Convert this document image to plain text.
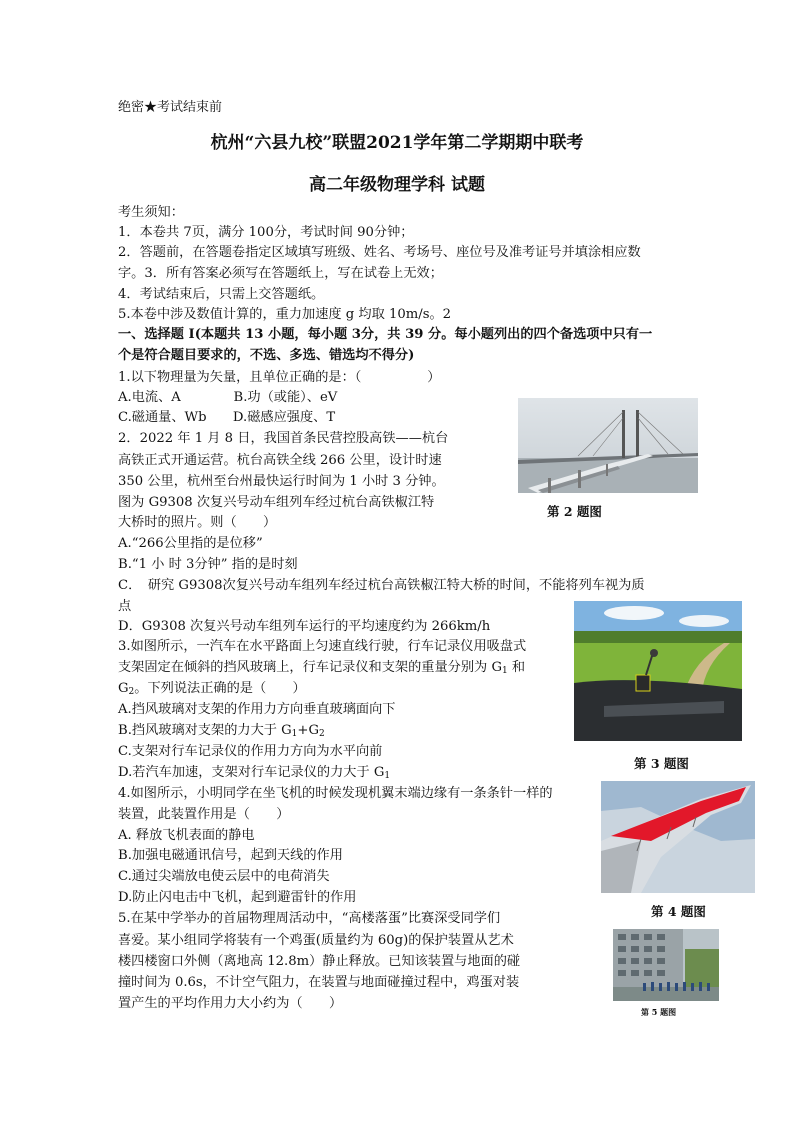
绝密★考试结束前
杭州“六县九校”联盟2021学年第二学期期中联考
高二年级物理学科 试题
考生须知：
1．本卷共 7页，满分 100分，考试时间 90分钟；
2．答题前，在答题卷指定区域填写班级、姓名、考场号、座位号及准考证号并填涂相应数
字。3．所有答案必须写在答题纸上，写在试卷上无效；
4．考试结束后，只需上交答题纸。
5.本卷中涉及数值计算的，重力加速度 g 均取 10m/s。2
一、选择题 I(本题共 13 小题，每小题 3分，共 39 分。每小题列出的四个备选项中只有一
个是符合题目要求的，不选、多选、错选均不得分)
1.以下物理量为矢量，且单位正确的是：（　　　　　）
A.电流、A　　　　B.功（或能）、eV
C.磁通量、Wb　　D.磁感应强度、T
2．2022 年 1 月 8 日，我国首条民营控股高铁——杭台
高铁正式开通运营。杭台高铁全线 266 公里，设计时速
350 公里，杭州至台州最快运行时间为 1 小时 3 分钟。
图为 G9308 次复兴号动车组列车经过杭台高铁椒江特
大桥时的照片。则（　　）
A.“266公里指的是位移”
B.“1 小 时 3分钟” 指的是时刻
C．　研究 G9308次复兴号动车组列车经过杭台高铁椒江特大桥的时间，不能将列车视为质
点
D．G9308 次复兴号动车组列车运行的平均速度约为 266km/h
3.如图所示，一汽车在水平路面上匀速直线行驶，行车记录仪用吸盘式
支架固定在倾斜的挡风玻璃上，行车记录仪和支架的重量分别为 $G_1$ 和
$G_2$。下列说法正确的是（　　）
A.挡风玻璃对支架的作用力方向垂直玻璃面向下
B.挡风玻璃对支架的力大于 $G_1+G_2$
C.支架对行车记录仪的作用力方向为水平向前
D.若汽车加速，支架对行车记录仪的力大于 $G_1$
4.如图所示，小明同学在坐飞机的时候发现机翼末端边缘有一条条针一样的
装置，此装置作用是（　　）
A. 释放飞机表面的静电
B.加强电磁通讯信号，起到天线的作用
C.通过尖端放电使云层中的电荷消失
D.防止闪电击中飞机，起到避雷针的作用
5.在某中学举办的首届物理周活动中，“高楼落蛋”比赛深受同学们
喜爱。某小组同学将装有一个鸡蛋(质量约为 60g)的保护装置从艺术
楼四楼窗口外侧（离地高 12.8m）静止释放。已知该装置与地面的碰
撞时间为 0.6s，不计空气阻力，在装置与地面碰撞过程中，鸡蛋对装
置产生的平均作用力大小约为（　　）
第 2 题图
第 3 题图
第 4 题图
第 5 题图
